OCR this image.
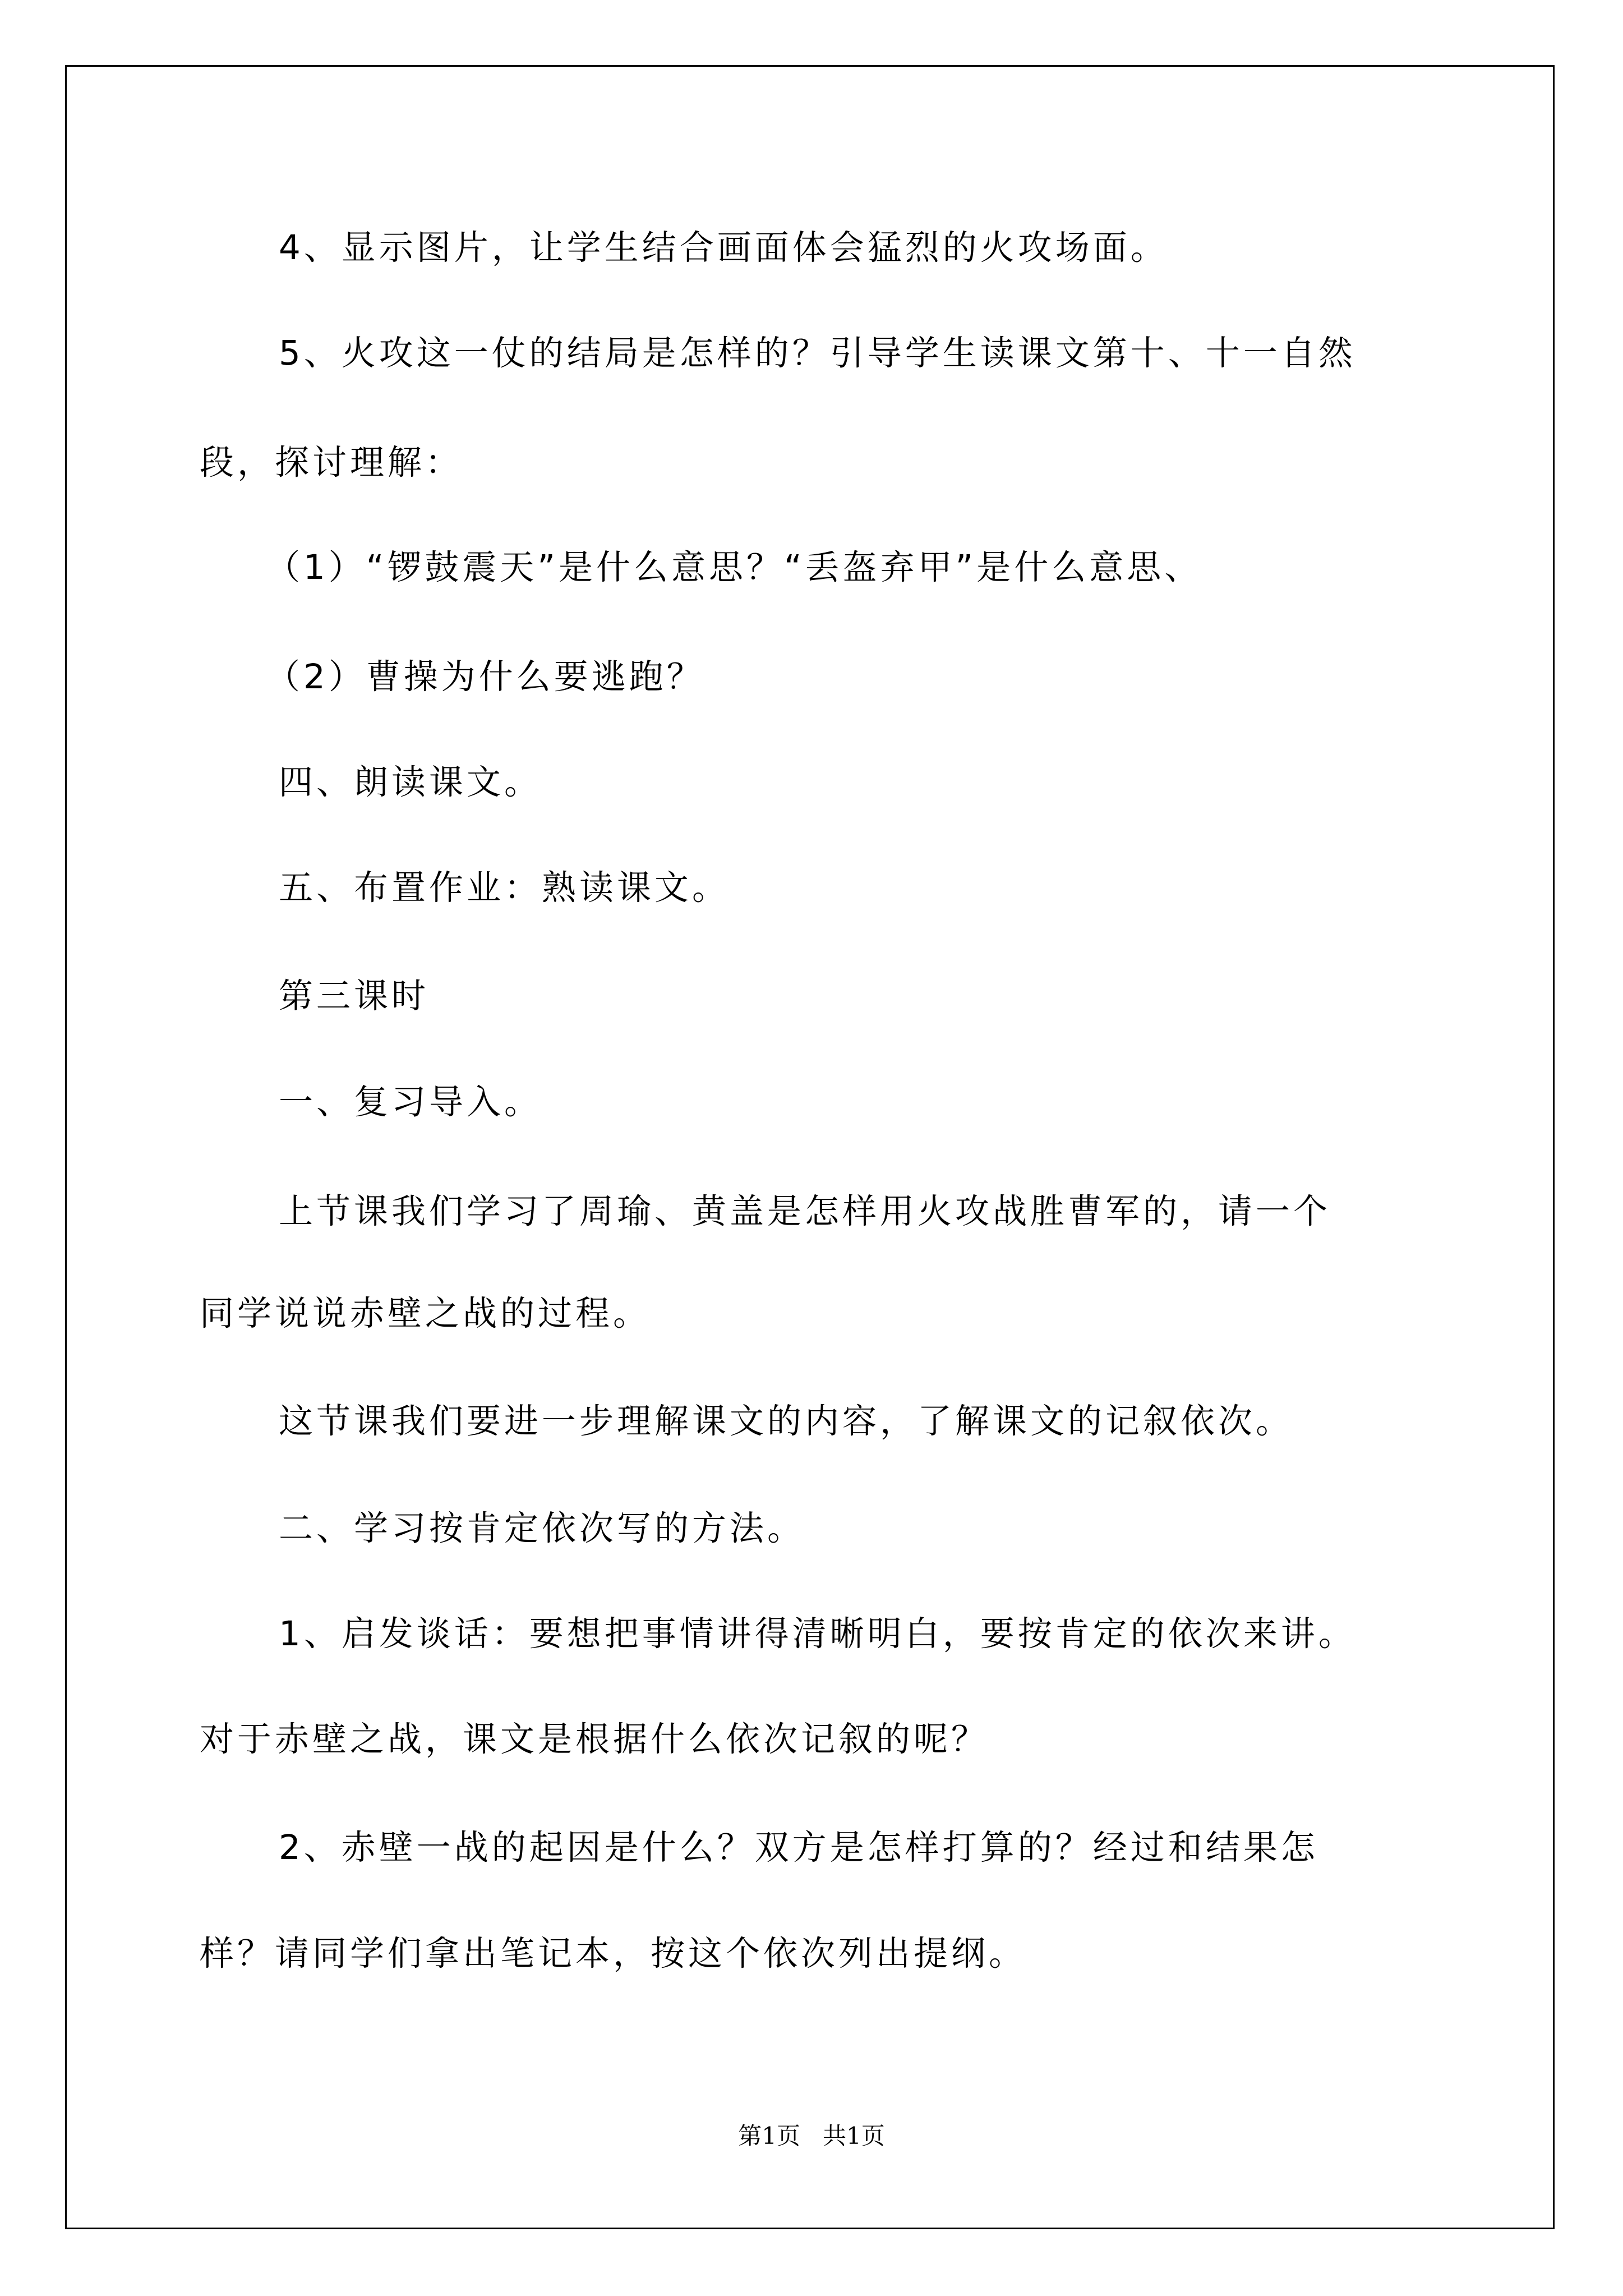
4、显示图片，让学生结合画面体会猛烈的火攻场面。

5、火攻这一仗的结局是怎样的？引导学生读课文第十、十一自然

段，探讨理解：

（1）“锣鼓震天”是什么意思？“丢盔弃甲”是什么意思、

（2）曹操为什么要逃跑？

四、朗读课文。

五、布置作业：熟读课文。

第三课时

一、复习导入。

上节课我们学习了周瑜、黄盖是怎样用火攻战胜曹军的，请一个

同学说说赤壁之战的过程。

这节课我们要进一步理解课文的内容，了解课文的记叙依次。

二、学习按肯定依次写的方法。

1、启发谈话：要想把事情讲得清晰明白，要按肯定的依次来讲。

对于赤壁之战，课文是根据什么依次记叙的呢？

2、赤壁一战的起因是什么？双方是怎样打算的？经过和结果怎

样？请同学们拿出笔记本，按这个依次列出提纲。

第1页   共1页
